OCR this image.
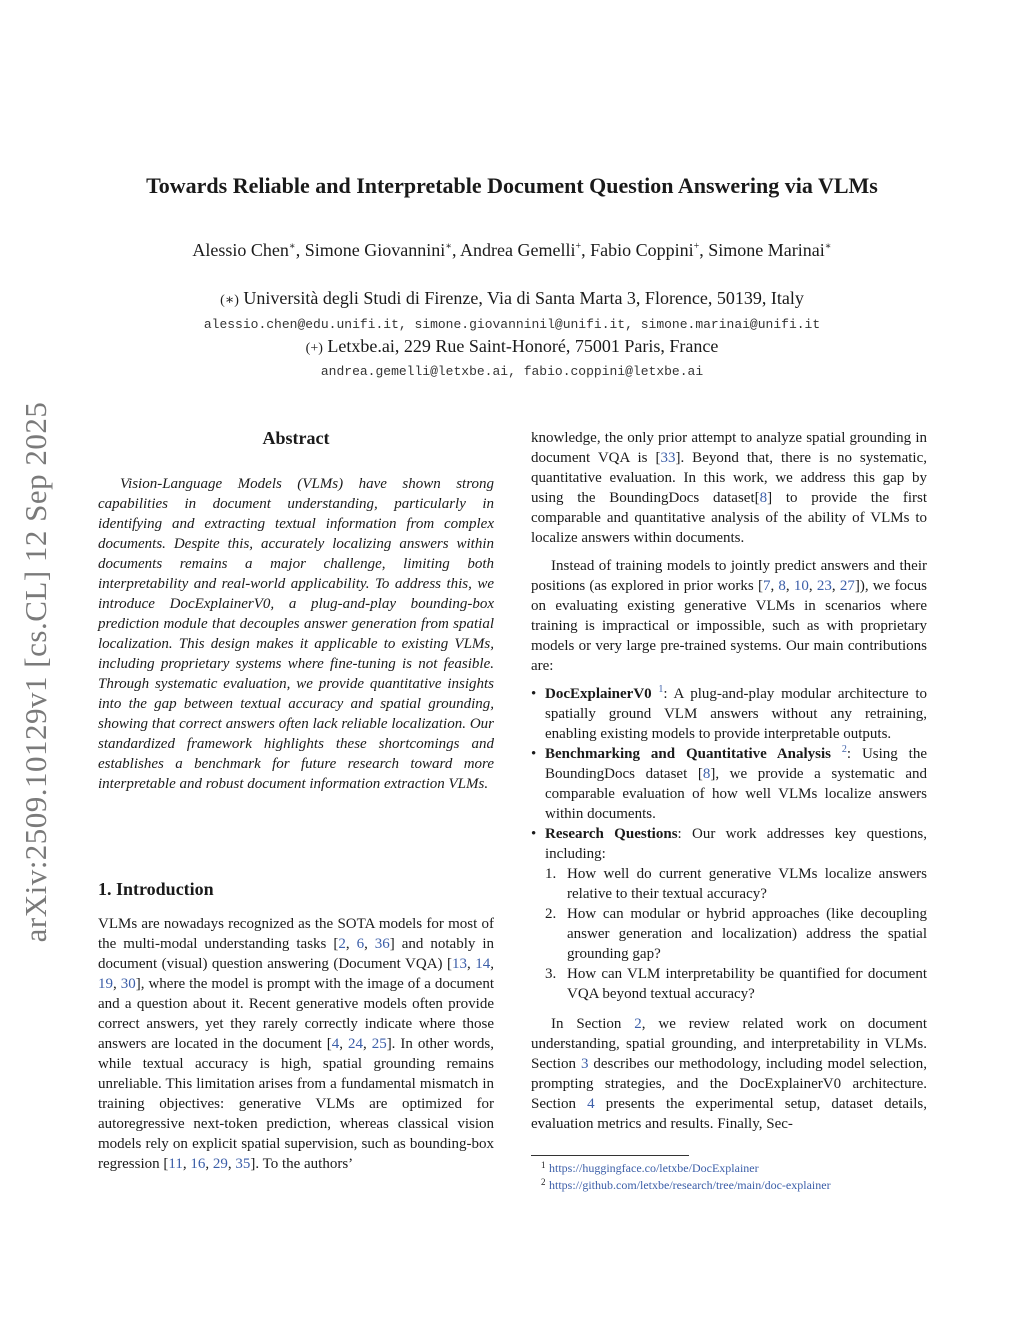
arXiv:2509.10129v1 [cs.CL] 12 Sep 2025
Towards Reliable and Interpretable Document Question Answering via VLMs
Alessio Chen∗, Simone Giovannini∗, Andrea Gemelli+, Fabio Coppini+, Simone Marinai∗
(∗) Università degli Studi di Firenze, Via di Santa Marta 3, Florence, 50139, Italy
alessio.chen@edu.unifi.it, simone.giovanninil@unifi.it, simone.marinai@unifi.it
(+) Letxbe.ai, 229 Rue Saint-Honoré, 75001 Paris, France
andrea.gemelli@letxbe.ai, fabio.coppini@letxbe.ai
Abstract

Vision-Language Models (VLMs) have shown strong capabilities in document understanding, particularly in identifying and extracting textual information from complex documents. Despite this, accurately localizing answers within documents remains a major challenge, limiting both interpretability and real-world applicability. To address this, we introduce DocExplainerV0, a plug-and-play bounding-box prediction module that decouples answer generation from spatial localization. This design makes it applicable to existing VLMs, including proprietary systems where fine-tuning is not feasible. Through systematic evaluation, we provide quantitative insights into the gap between textual accuracy and spatial grounding, showing that correct answers often lack reliable localization. Our standardized framework highlights these shortcomings and establishes a benchmark for future research toward more interpretable and robust document information extraction VLMs.

1. Introduction

VLMs are nowadays recognized as the SOTA models for most of the multi-modal understanding tasks [2, 6, 36] and notably in document (visual) question answering (Document VQA) [13, 14, 19, 30], where the model is prompt with the image of a document and a question about it. Recent generative models often provide correct answers, yet they rarely correctly indicate where those answers are located in the document [4, 24, 25]. In other words, while textual accuracy is high, spatial grounding remains unreliable. This limitation arises from a fundamental mismatch in training objectives: generative VLMs are optimized for autoregressive next-token prediction, whereas classical vision models rely on explicit spatial supervision, such as bounding-box regression [11, 16, 29, 35]. To the authors’

knowledge, the only prior attempt to analyze spatial grounding in document VQA is [33]. Beyond that, there is no systematic, quantitative evaluation. In this work, we address this gap by using the BoundingDocs dataset[8] to provide the first comparable and quantitative analysis of the ability of VLMs to localize answers within documents.

Instead of training models to jointly predict answers and their positions (as explored in prior works [7, 8, 10, 23, 27]), we focus on evaluating existing generative VLMs in scenarios where training is impractical or impossible, such as with proprietary models or very large pre-trained systems. Our main contributions are:

• DocExplainerV0 $^1$: A plug-and-play modular architecture to spatially ground VLM answers without any retraining, enabling existing models to provide interpretable outputs.
• Benchmarking and Quantitative Analysis $^2$: Using the BoundingDocs dataset [8], we provide a systematic and comparable evaluation of how well VLMs localize answers within documents.
• Research Questions: Our work addresses key questions, including:
1. How well do current generative VLMs localize answers relative to their textual accuracy?
2. How can modular or hybrid approaches (like decoupling answer generation and localization) address the spatial grounding gap?
3. How can VLM interpretability be quantified for document VQA beyond textual accuracy?

In Section 2, we review related work on document understanding, spatial grounding, and interpretability in VLMs. Section 3 describes our methodology, including model selection, prompting strategies, and the DocExplainerV0 architecture. Section 4 presents the experimental setup, dataset details, evaluation metrics and results. Finally, Sec-

1 https://huggingface.co/letxbe/DocExplainer
2 https://github.com/letxbe/research/tree/main/doc-explainer
